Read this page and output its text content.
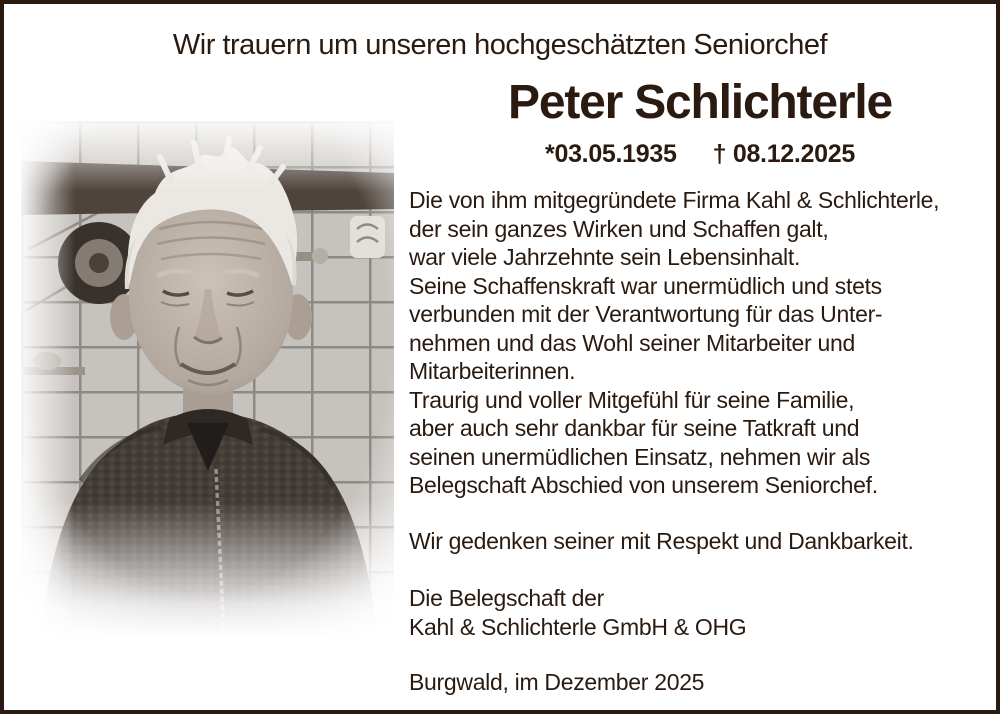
Wir trauern um unseren hochgeschätzten Seniorchef
Peter Schlichterle
*03.05.1935 † 08.12.2025
Die von ihm mitgegründete Firma Kahl & Schlichterle,
der sein ganzes Wirken und Schaffen galt,
war viele Jahrzehnte sein Lebensinhalt.
Seine Schaffenskraft war unermüdlich und stets
verbunden mit der Verantwortung für das Unter-
nehmen und das Wohl seiner Mitarbeiter und
Mitarbeiterinnen.
Traurig und voller Mitgefühl für seine Familie,
aber auch sehr dankbar für seine Tatkraft und
seinen unermüdlichen Einsatz, nehmen wir als
Belegschaft Abschied von unserem Seniorchef.
Wir gedenken seiner mit Respekt und Dankbarkeit.
Die Belegschaft der
Kahl & Schlichterle GmbH & OHG
Burgwald, im Dezember 2025
